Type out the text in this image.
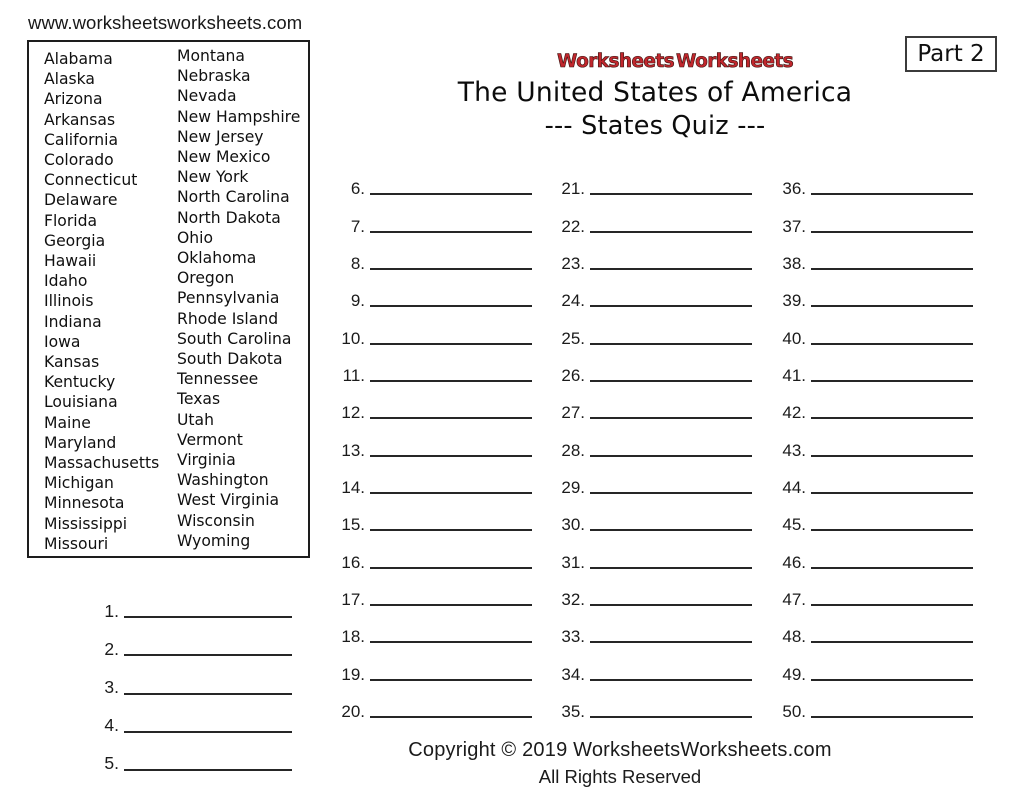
www.worksheetsworksheets.com
Alabama
Alaska
Arizona
Arkansas
California
Colorado
Connecticut
Delaware
Florida
Georgia
Hawaii
Idaho
Illinois
Indiana
Iowa
Kansas
Kentucky
Louisiana
Maine
Maryland
Massachusetts
Michigan
Minnesota
Mississippi
Missouri
Montana
Nebraska
Nevada
New Hampshire
New Jersey
New Mexico
New York
North Carolina
North Dakota
Ohio
Oklahoma
Oregon
Pennsylvania
Rhode Island
South Carolina
South Dakota
Tennessee
Texas
Utah
Vermont
Virginia
Washington
West Virginia
Wisconsin
Wyoming
1.
2.
3.
4.
5.
Worksheets Worksheets
The United States of America
--- States Quiz ---
Part 2
6.
7.
8.
9.
10.
11.
12.
13.
14.
15.
16.
17.
18.
19.
20.
21.
22.
23.
24.
25.
26.
27.
28.
29.
30.
31.
32.
33.
34.
35.
36.
37.
38.
39.
40.
41.
42.
43.
44.
45.
46.
47.
48.
49.
50.
Copyright © 2019 WorksheetsWorksheets.com
All Rights Reserved
